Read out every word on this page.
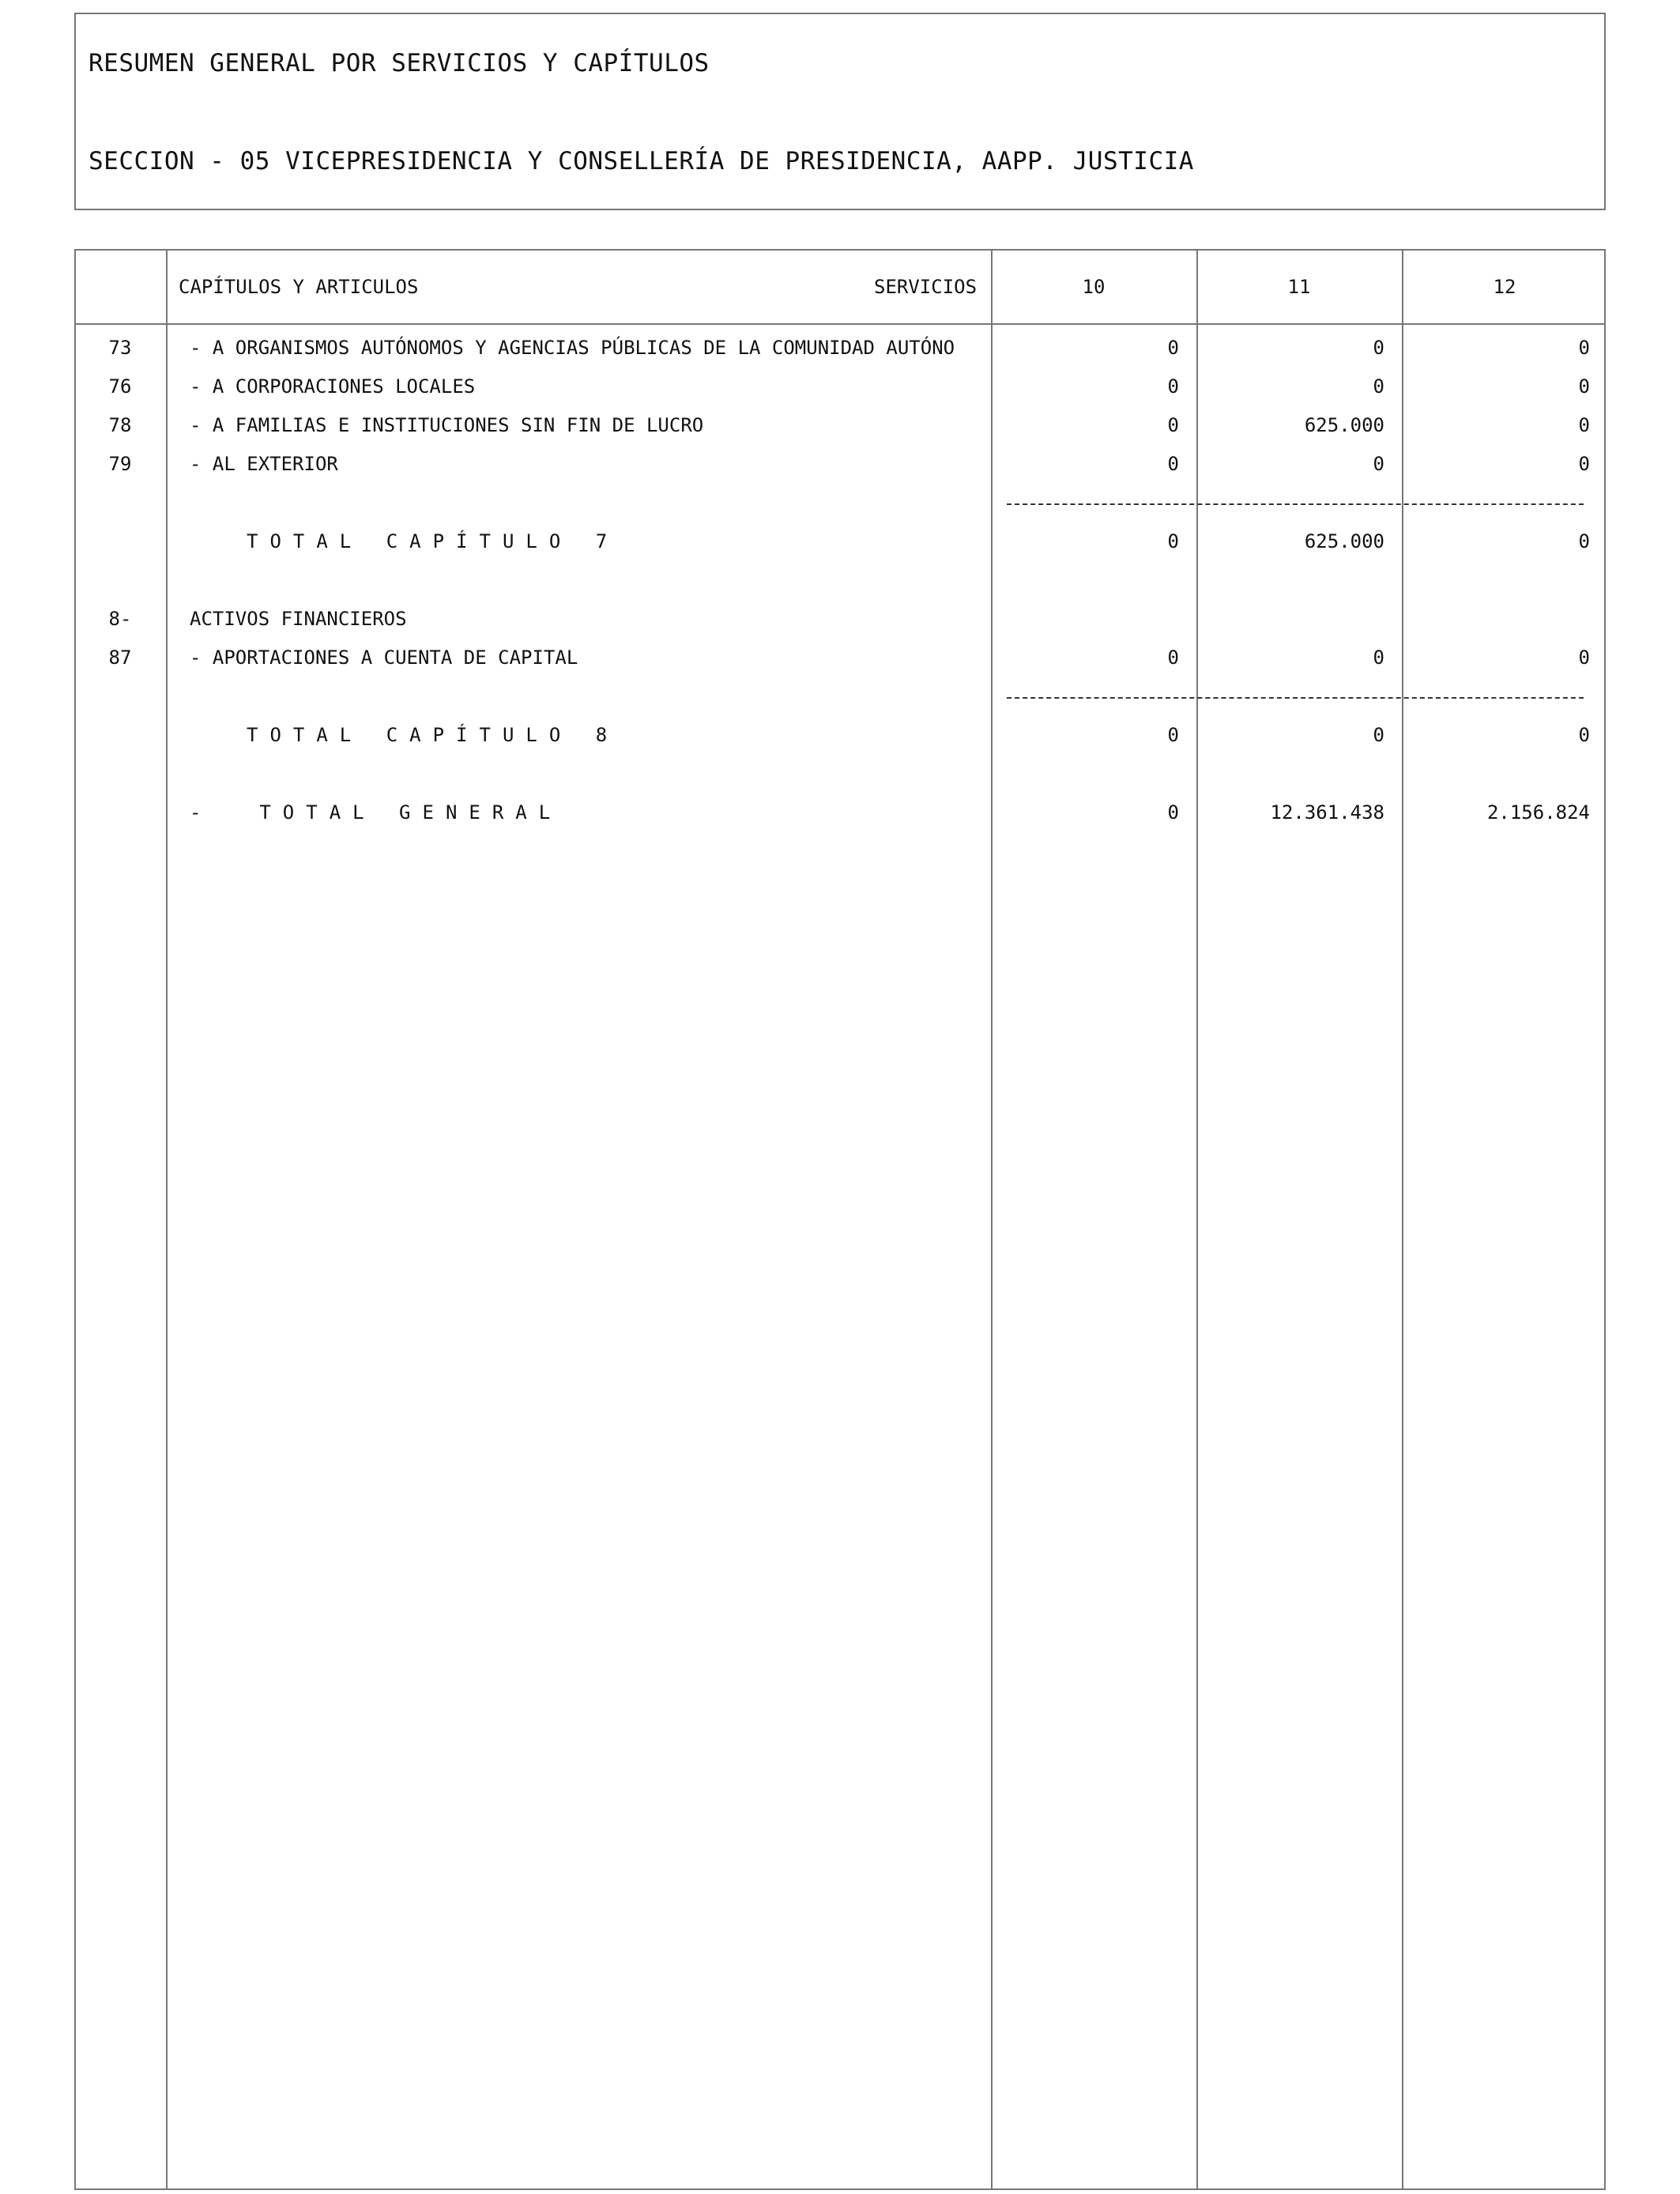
RESUMEN GENERAL POR SERVICIOS Y CAPÍTULOS
SECCION - 05 VICEPRESIDENCIA Y CONSELLERÍA DE PRESIDENCIA, AAPP. JUSTICIA
CAPÍTULOS Y ARTICULOS	SERVICIOS	10	11	12
73	- A ORGANISMOS AUTÓNOMOS Y AGENCIAS PÚBLICAS DE LA COMUNIDAD AUTÓNO	0	0	0
76	- A CORPORACIONES LOCALES	0	0	0
78	- A FAMILIAS E INSTITUCIONES SIN FIN DE LUCRO	0	625.000	0
79	- AL EXTERIOR	0	0	0
TOTAL CAPÍTULO 7	0	625.000	0
8-	ACTIVOS FINANCIEROS
87	- APORTACIONES A CUENTA DE CAPITAL	0	0	0
TOTAL CAPÍTULO 8	0	0	0
-  TOTAL GENERAL	0	12.361.438	2.156.824
